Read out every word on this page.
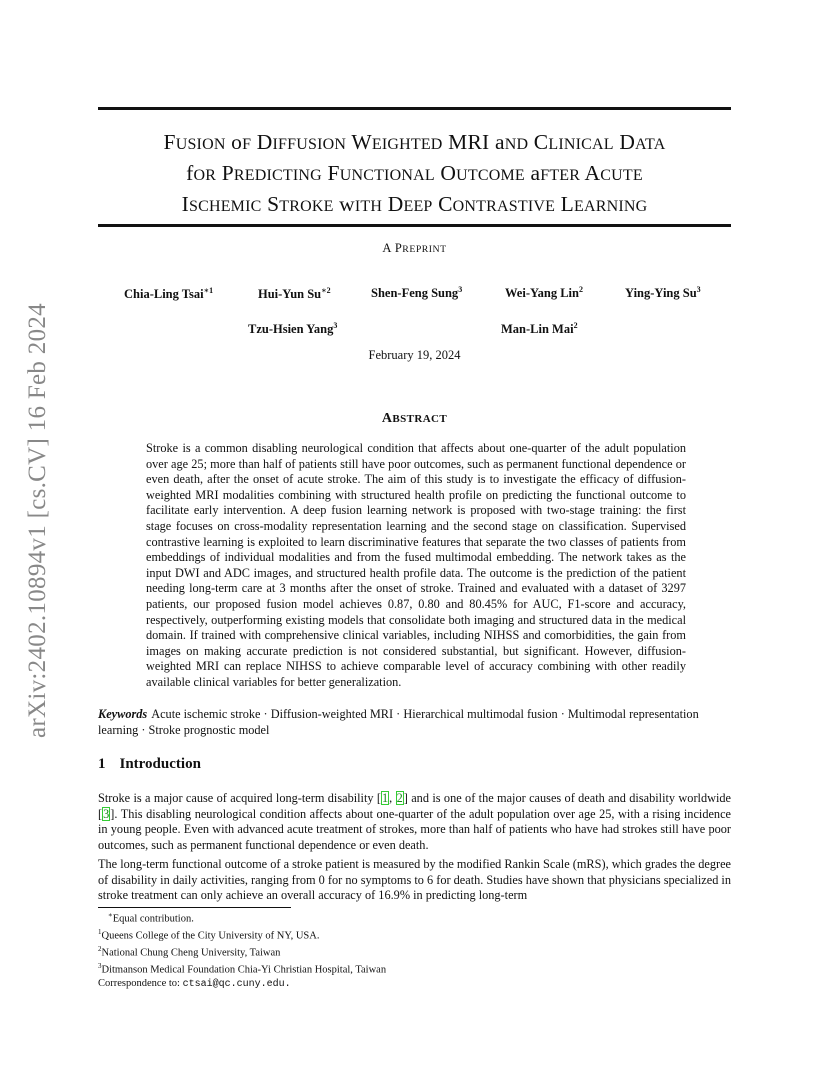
arXiv:2402.10894v1 [cs.CV] 16 Feb 2024
FUSION oF DIFFUSION WEIGHTED MRI aND CLINICAL DATA
fOR PREDICTING FUNCTIONAL OUTCOME aFTER ACUTE
ISCHEMIC STROKE wITH DEEP CONTRASTIVE LEARNING
A PREPRINT
Chia-Ling Tsai$^{∗1}$	Hui-Yun $Su^{∗2}$	Shen-Feng Sung$^3$	Wei-Yang Lin$^2$	Ying-Ying Su$^3$
Tzu-Hsien Yang$^3$	Man-Lin Mai$^2$
February 19, 2024
ABSTRACT
Stroke is a common disabling neurological condition that affects about one-quarter of the adult population over age 25; more than half of patients still have poor outcomes, such as permanent functional dependence or even death, after the onset of acute stroke. The aim of this study is to investigate the efficacy of diffusion-weighted MRI modalities combining with structured health profile on predicting the functional outcome to facilitate early intervention. A deep fusion learning network is proposed with two-stage training: the first stage focuses on cross-modality representation learning and the second stage on classification. Supervised contrastive learning is exploited to learn discriminative features that separate the two classes of patients from embeddings of individual modalities and from the fused multimodal embedding. The network takes as the input DWI and ADC images, and structured health profile data. The outcome is the prediction of the patient needing long-term care at 3 months after the onset of stroke. Trained and evaluated with a dataset of 3297 patients, our proposed fusion model achieves 0.87, 0.80 and 80.45% for AUC, F1-score and accuracy, respectively, outperforming existing models that consolidate both imaging and structured data in the medical domain. If trained with comprehensive clinical variables, including NIHSS and comorbidities, the gain from images on making accurate prediction is not considered substantial, but significant. However, diffusion-weighted MRI can replace NIHSS to achieve comparable level of accuracy combining with other readily available clinical variables for better generalization.
Keywords Acute ischemic stroke · Diffusion-weighted MRI · Hierarchical multimodal fusion · Multimodal representation learning · Stroke prognostic model
1 Introduction
Stroke is a major cause of acquired long-term disability [1, 2] and is one of the major causes of death and disability worldwide [3]. This disabling neurological condition affects about one-quarter of the adult population over age 25, with a rising incidence in young people. Even with advanced acute treatment of strokes, more than half of patients who have had strokes still have poor outcomes, such as permanent functional dependence or even death.
The long-term functional outcome of a stroke patient is measured by the modified Rankin Scale (mRS), which grades the degree of disability in daily activities, ranging from 0 for no symptoms to 6 for death. Studies have shown that physicians specialized in stroke treatment can only achieve an overall accuracy of 16.9% in predicting long-term
∗Equal contribution.
$^1$Queens College of the City University of NY, USA.
$^2$National Chung Cheng University, Taiwan
$^3$Ditmanson Medical Foundation Chia-Yi Christian Hospital, Taiwan
Correspondence to: ctsai@qc.cuny.edu.
